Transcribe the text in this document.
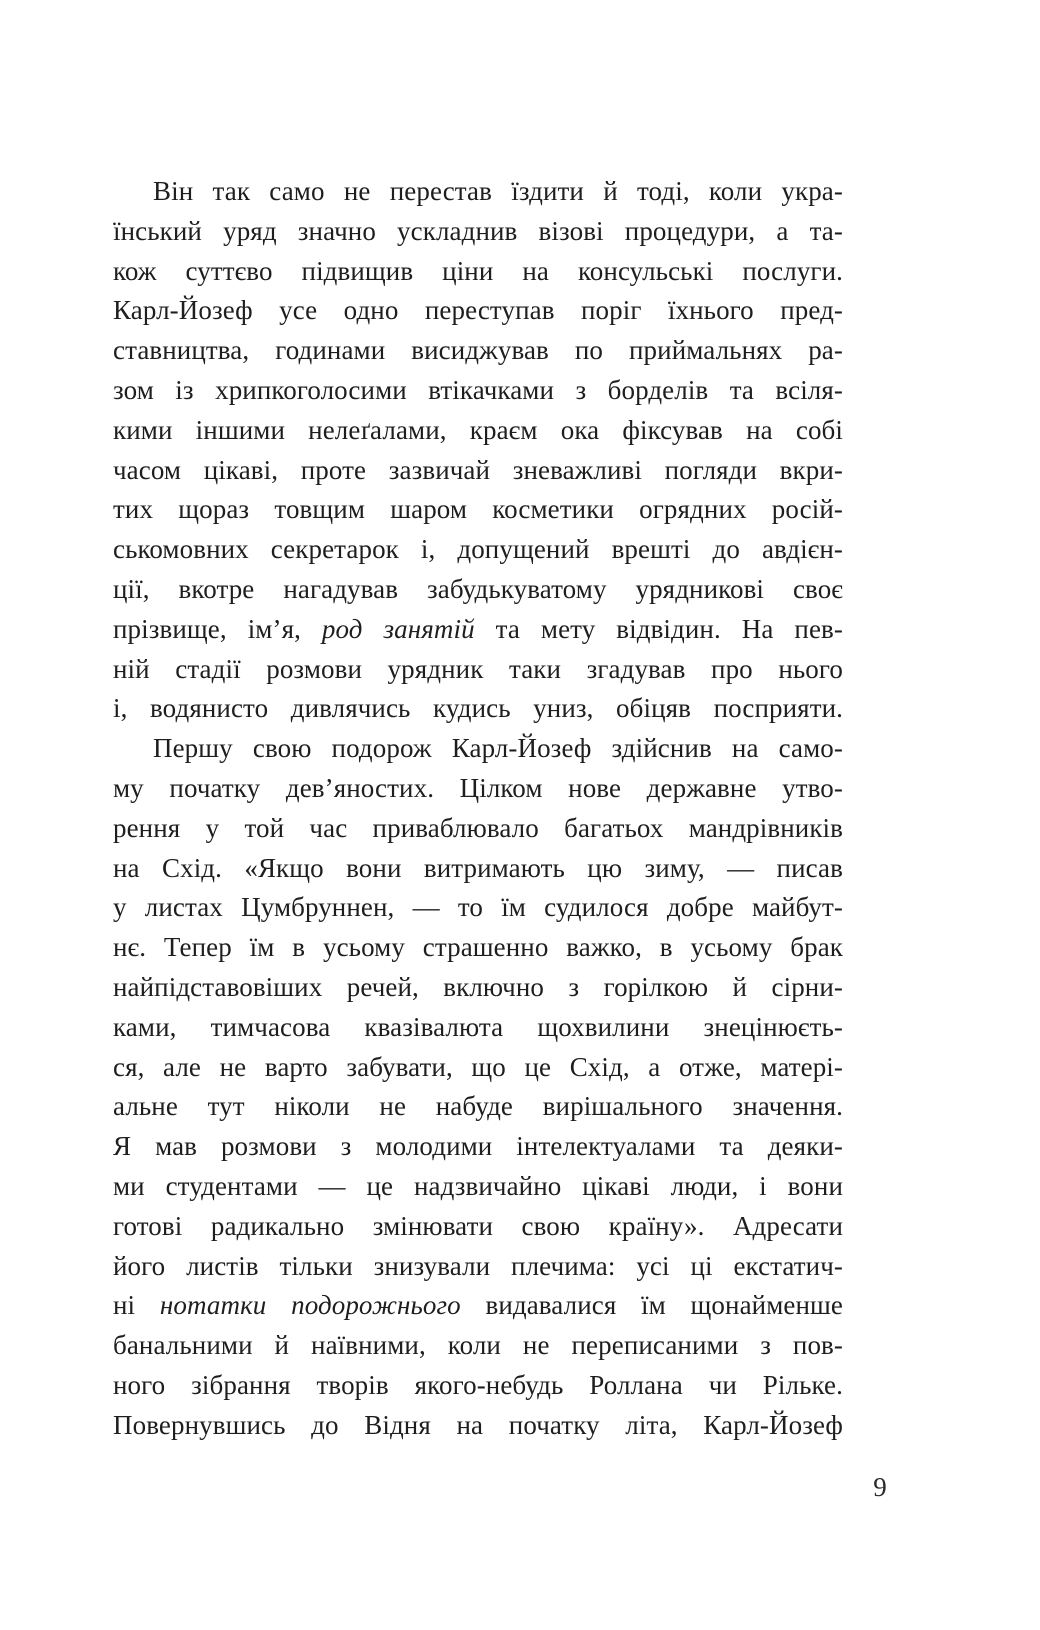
Він так само не перестав їздити й тоді, коли укра-
їнський уряд значно ускладнив візові процедури, а та-
кож суттєво підвищив ціни на консульські послуги.
Карл-Йозеф усе одно переступав поріг їхнього пред-
ставництва, годинами висиджував по приймальнях ра-
зом із хрипкоголосими втікачками з борделів та всіля-
кими іншими нелеґалами, краєм ока фіксував на собі
часом цікаві, проте зазвичай зневажливі погляди вкри-
тих щораз товщим шаром косметики огрядних росій-
ськомовних секретарок і, допущений врешті до авдієн-
ції, вкотре нагадував забудькуватому урядникові своє
прізвище, ім’я, род занятій та мету відвідин. На пев-
ній стадії розмови урядник таки згадував про нього
і, водянисто дивлячись кудись униз, обіцяв посприяти.
Першу свою подорож Карл-Йозеф здійснив на само-
му початку дев’яностих. Цілком нове державне утво-
рення у той час приваблювало багатьох мандрівників
на Схід. «Якщо вони витримають цю зиму, — писав
у листах Цумбруннен, — то їм судилося добре майбут-
нє. Тепер їм в усьому страшенно важко, в усьому брак
найпідставовіших речей, включно з горілкою й сірни-
ками, тимчасова квазівалюта щохвилини знецінюєть-
ся, але не варто забувати, що це Схід, а отже, матері-
альне тут ніколи не набуде вирішального значення.
Я мав розмови з молодими інтелектуалами та деяки-
ми студентами — це надзвичайно цікаві люди, і вони
готові радикально змінювати свою країну». Адресати
його листів тільки знизували плечима: усі ці екстатич-
ні нотатки подорожнього видавалися їм щонайменше
банальними й наївними, коли не переписаними з пов-
ного зібрання творів якого-небудь Роллана чи Рільке.
Повернувшись до Відня на початку літа, Карл-Йозеф
9
